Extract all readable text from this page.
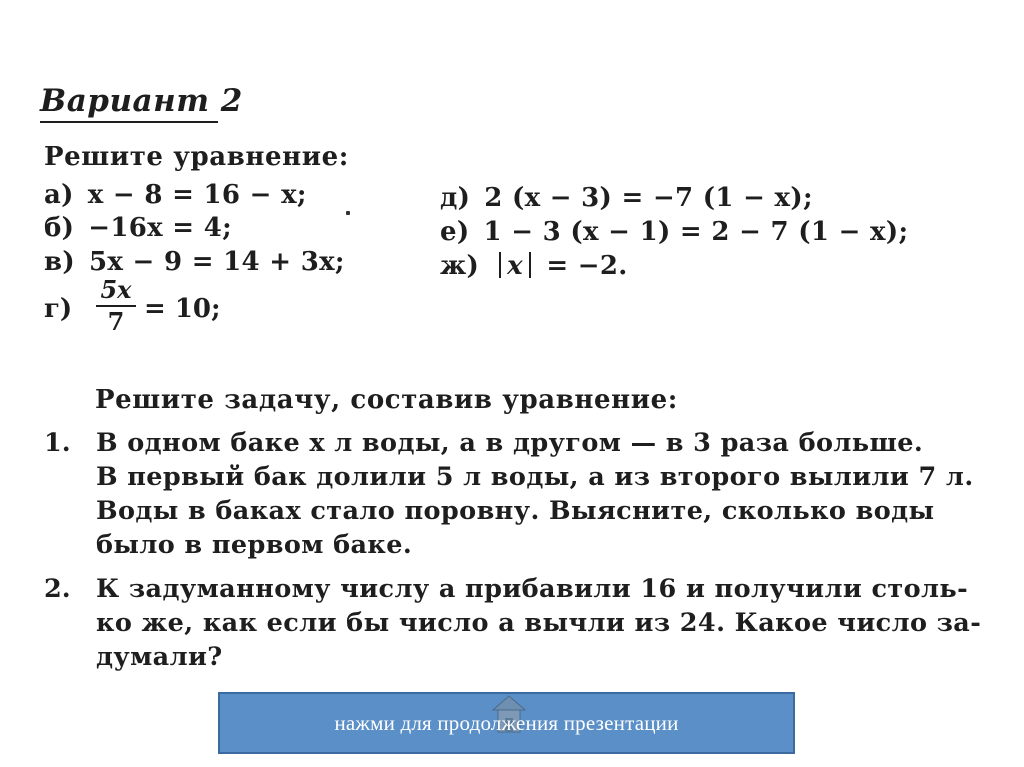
Вариант 2
Решите уравнение:
а) x − 8 = 16 − x;
б) −16x = 4;
в) 5x − 9 = 14 + 3x;
г)
5x
7 = 10;
д) 2 (x − 3) = −7 (1 − x);
е) 1 − 3 (x − 1) = 2 − 7 (1 − x);
ж) x = −2.
Решите задачу, составив уравнение:
1. В одном баке x л воды, а в другом — в 3 раза больше.
В первый бак долили 5 л воды, а из второго вылили 7 л.
Воды в баках стало поровну. Выясните, сколько воды
было в первом баке.
2. К задуманному числу a прибавили 16 и получили столь-
ко же, как если бы число a вычли из 24. Какое число за-
думали?
нажми для продолжения презентации
